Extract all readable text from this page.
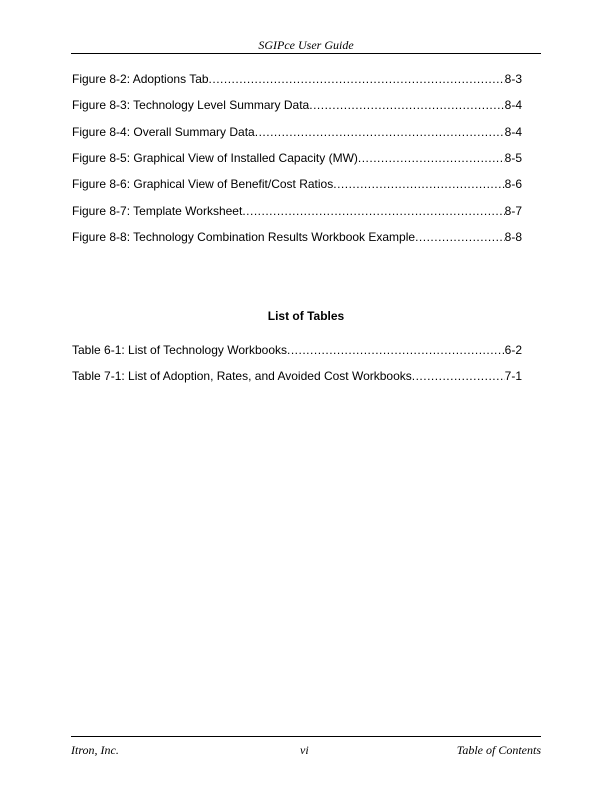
SGIPce User Guide
Figure 8-2: Adoptions Tab .....	8-3
Figure 8-3: Technology Level Summary Data .....	8-4
Figure 8-4: Overall Summary Data .....	8-4
Figure 8-5: Graphical View of Installed Capacity (MW) .....	8-5
Figure 8-6: Graphical View of Benefit/Cost Ratios .....	8-6
Figure 8-7: Template Worksheet .....	8-7
Figure 8-8: Technology Combination Results Workbook Example .....	8-8
List of Tables
Table 6-1: List of Technology Workbooks .....	6-2
Table 7-1: List of Adoption, Rates, and Avoided Cost Workbooks .....	7-1
Itron, Inc.	vi	Table of Contents
